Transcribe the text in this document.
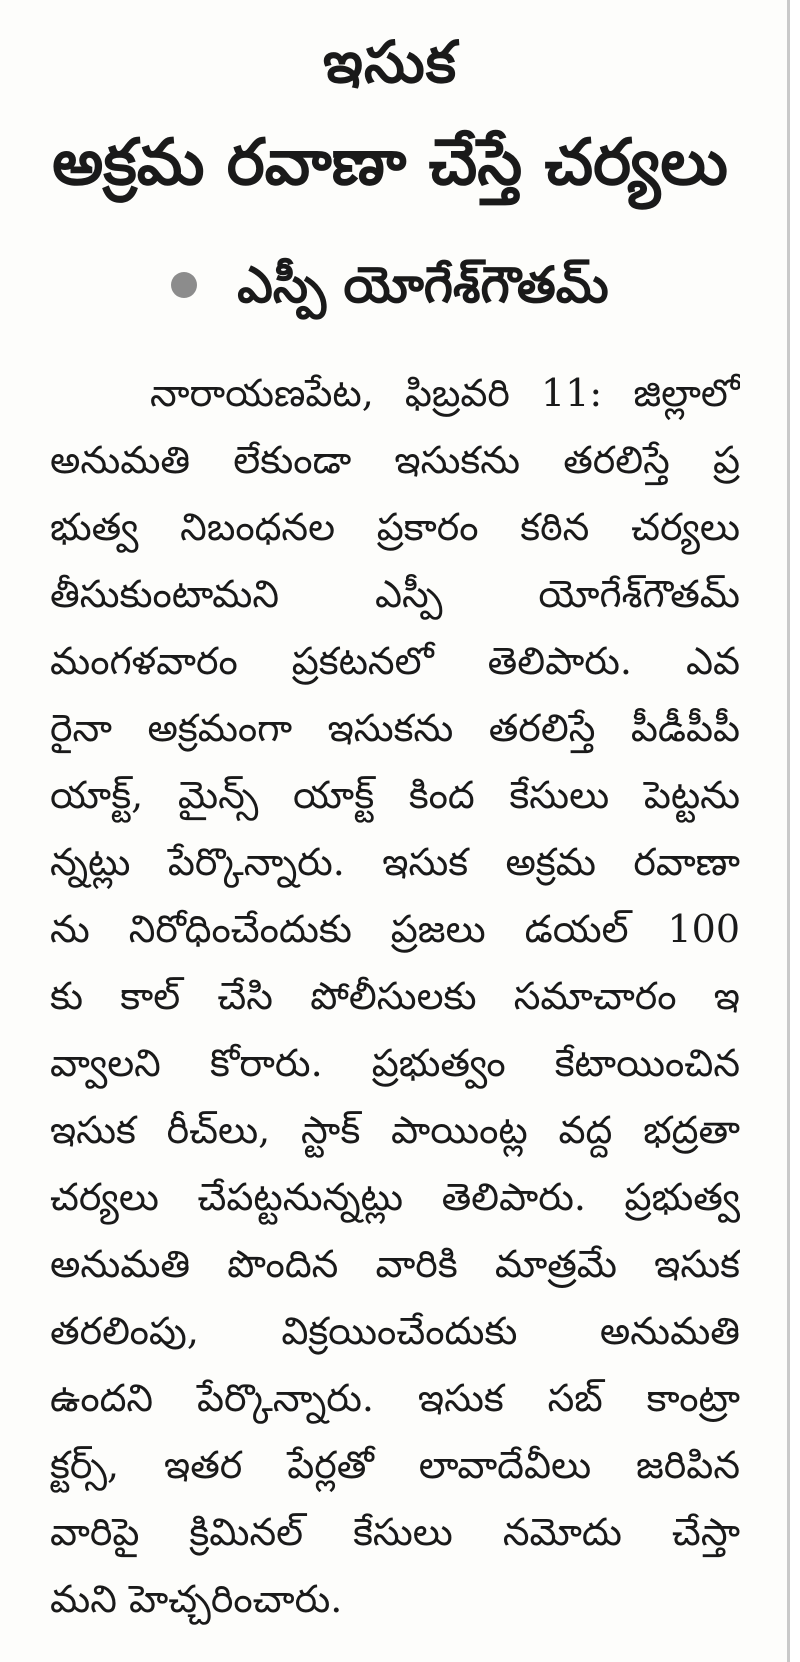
ఇసుక
అక్రమ రవాణా చేస్తే చర్యలు
ఎస్పీ యోగేశ్‌గౌతమ్
నారాయణపేట, ఫిబ్రవరి 11: జిల్లాలో
అనుమతి లేకుండా ఇసుకను తరలిస్తే ప్ర
భుత్వ నిబంధనల ప్రకారం కఠిన చర్యలు
తీసుకుంటామని ఎస్పీ యోగేశ్‌గౌతమ్
మంగళవారం ప్రకటనలో తెలిపారు. ఎవ
రైనా అక్రమంగా ఇసుకను తరలిస్తే పీడీపీపీ
యాక్ట్, మైన్స్ యాక్ట్ కింద కేసులు పెట్టను
న్నట్లు పేర్కొన్నారు. ఇసుక అక్రమ రవాణా
ను నిరోధించేందుకు ప్రజలు డయల్ 100
కు కాల్ చేసి పోలీసులకు సమాచారం ఇ
వ్వాలని కోరారు. ప్రభుత్వం కేటాయించిన
ఇసుక రీచ్‌లు, స్టాక్ పాయింట్ల వద్ద భద్రతా
చర్యలు చేపట్టనున్నట్లు తెలిపారు. ప్రభుత్వ
అనుమతి పొందిన వారికి మాత్రమే ఇసుక
తరలింపు, విక్రయించేందుకు అనుమతి
ఉందని పేర్కొన్నారు. ఇసుక సబ్ కాంట్రా
క్టర్స్, ఇతర పేర్లతో లావాదేవీలు జరిపిన
వారిపై క్రిమినల్ కేసులు నమోదు చేస్తా
మని హెచ్చరించారు.
